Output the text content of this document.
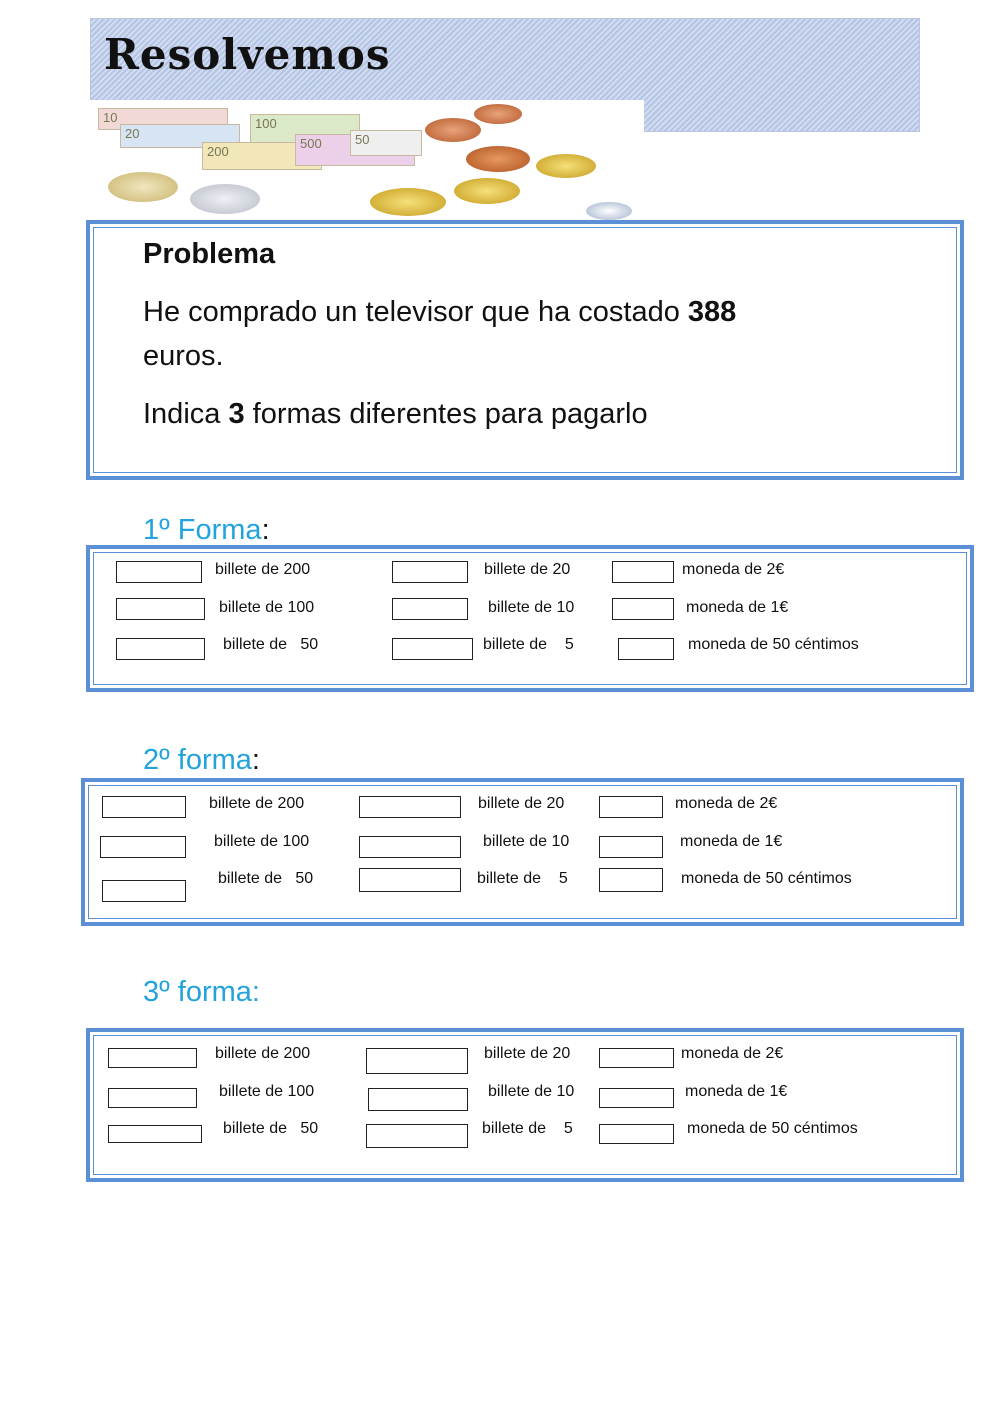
Resolvemos
10
20
100
200
500	50
Problema
He comprado un televisor que ha costado 388
euros.
Indica 3 formas diferentes para pagarlo
1º Forma:
billete de 200	billete de 20	moneda de 2€
billete de 100	billete de 10	moneda de 1€
billete de   50	billete de    5	moneda de 50 céntimos
2º forma:
billete de 200	billete de 20	moneda de 2€
billete de 100	billete de 10	moneda de 1€
billete de   50	billete de    5	moneda de 50 céntimos
3º forma:
billete de 200	billete de 20	moneda de 2€
billete de 100	billete de 10	moneda de 1€
billete de   50	billete de    5	moneda de 50 céntimos
